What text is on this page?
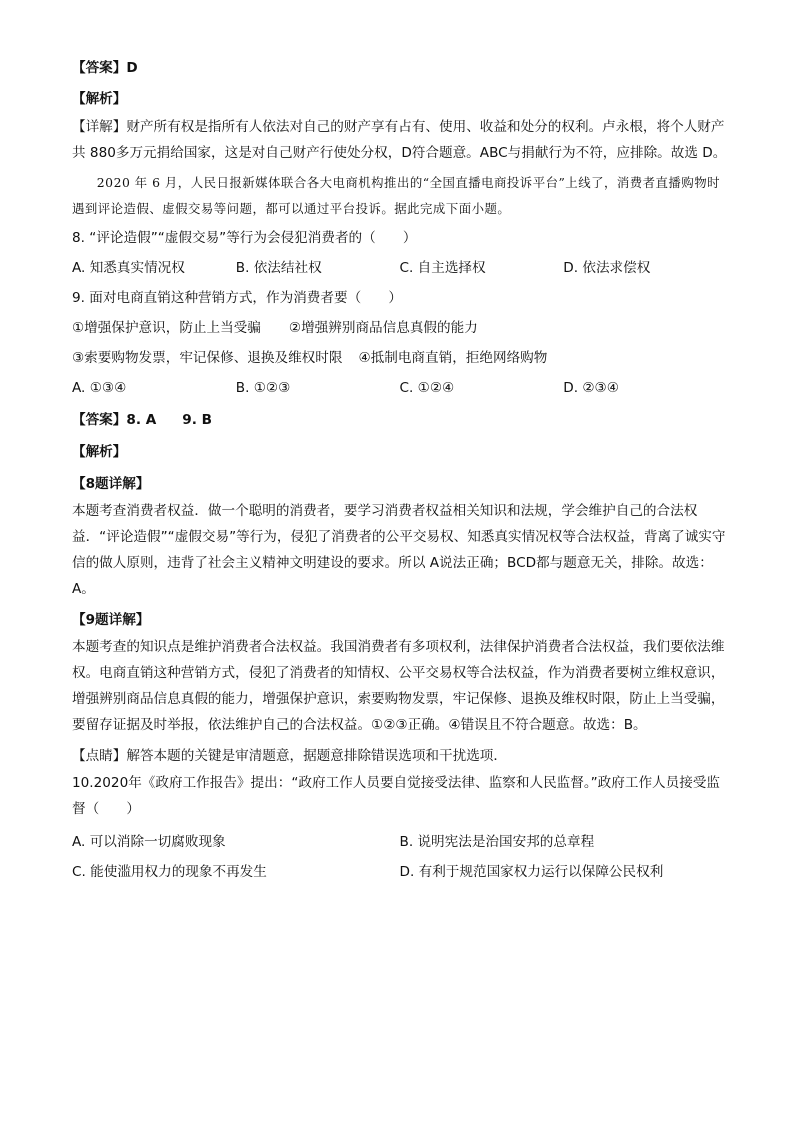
【答案】D
【解析】
【详解】财产所有权是指所有人依法对自己的财产享有占有、使用、收益和处分的权利。卢永根，将个人财产共 880多万元捐给国家，这是对自己财产行使处分权，D符合题意。ABC与捐献行为不符，应排除。故选 D。
2020 年 6 月，人民日报新媒体联合各大电商机构推出的“全国直播电商投诉平台”上线了，消费者直播购物时遇到评论造假、虚假交易等问题，都可以通过平台投诉。据此完成下面小题。
8. “评论造假”“虚假交易”等行为会侵犯消费者的（　　）
A. 知悉真实情况权	B. 依法结社权	C. 自主选择权	D. 依法求偿权
9. 面对电商直销这种营销方式，作为消费者要（　　）
①增强保护意识，防止上当受骗 ②增强辨别商品信息真假的能力
③索要购物发票，牢记保修、退换及维权时限 ④抵制电商直销，拒绝网络购物
A. ①③④	B. ①②③	C. ①②④	D. ②③④
【答案】8. A 9. B
【解析】
【8题详解】
本题考查消费者权益．做一个聪明的消费者，要学习消费者权益相关知识和法规，学会维护自己的合法权益．“评论造假”“虚假交易”等行为，侵犯了消费者的公平交易权、知悉真实情况权等合法权益，背离了诚实守信的做人原则，违背了社会主义精神文明建设的要求。所以 A说法正确；BCD都与题意无关，排除。故选：A。
【9题详解】
本题考查的知识点是维护消费者合法权益。我国消费者有多项权利，法律保护消费者合法权益，我们要依法维权。电商直销这种营销方式，侵犯了消费者的知情权、公平交易权等合法权益，作为消费者要树立维权意识，增强辨别商品信息真假的能力，增强保护意识，索要购物发票，牢记保修、退换及维权时限，防止上当受骗，要留存证据及时举报，依法维护自己的合法权益。①②③正确。④错误且不符合题意。故选：B。
【点睛】解答本题的关键是审清题意，据题意排除错误选项和干扰选项．
10.2020年《政府工作报告》提出：“政府工作人员要自觉接受法律、监察和人民监督。”政府工作人员接受监督（　　）
A. 可以消除一切腐败现象	B. 说明宪法是治国安邦的总章程
C. 能使滥用权力的现象不再发生	D. 有利于规范国家权力运行以保障公民权利
